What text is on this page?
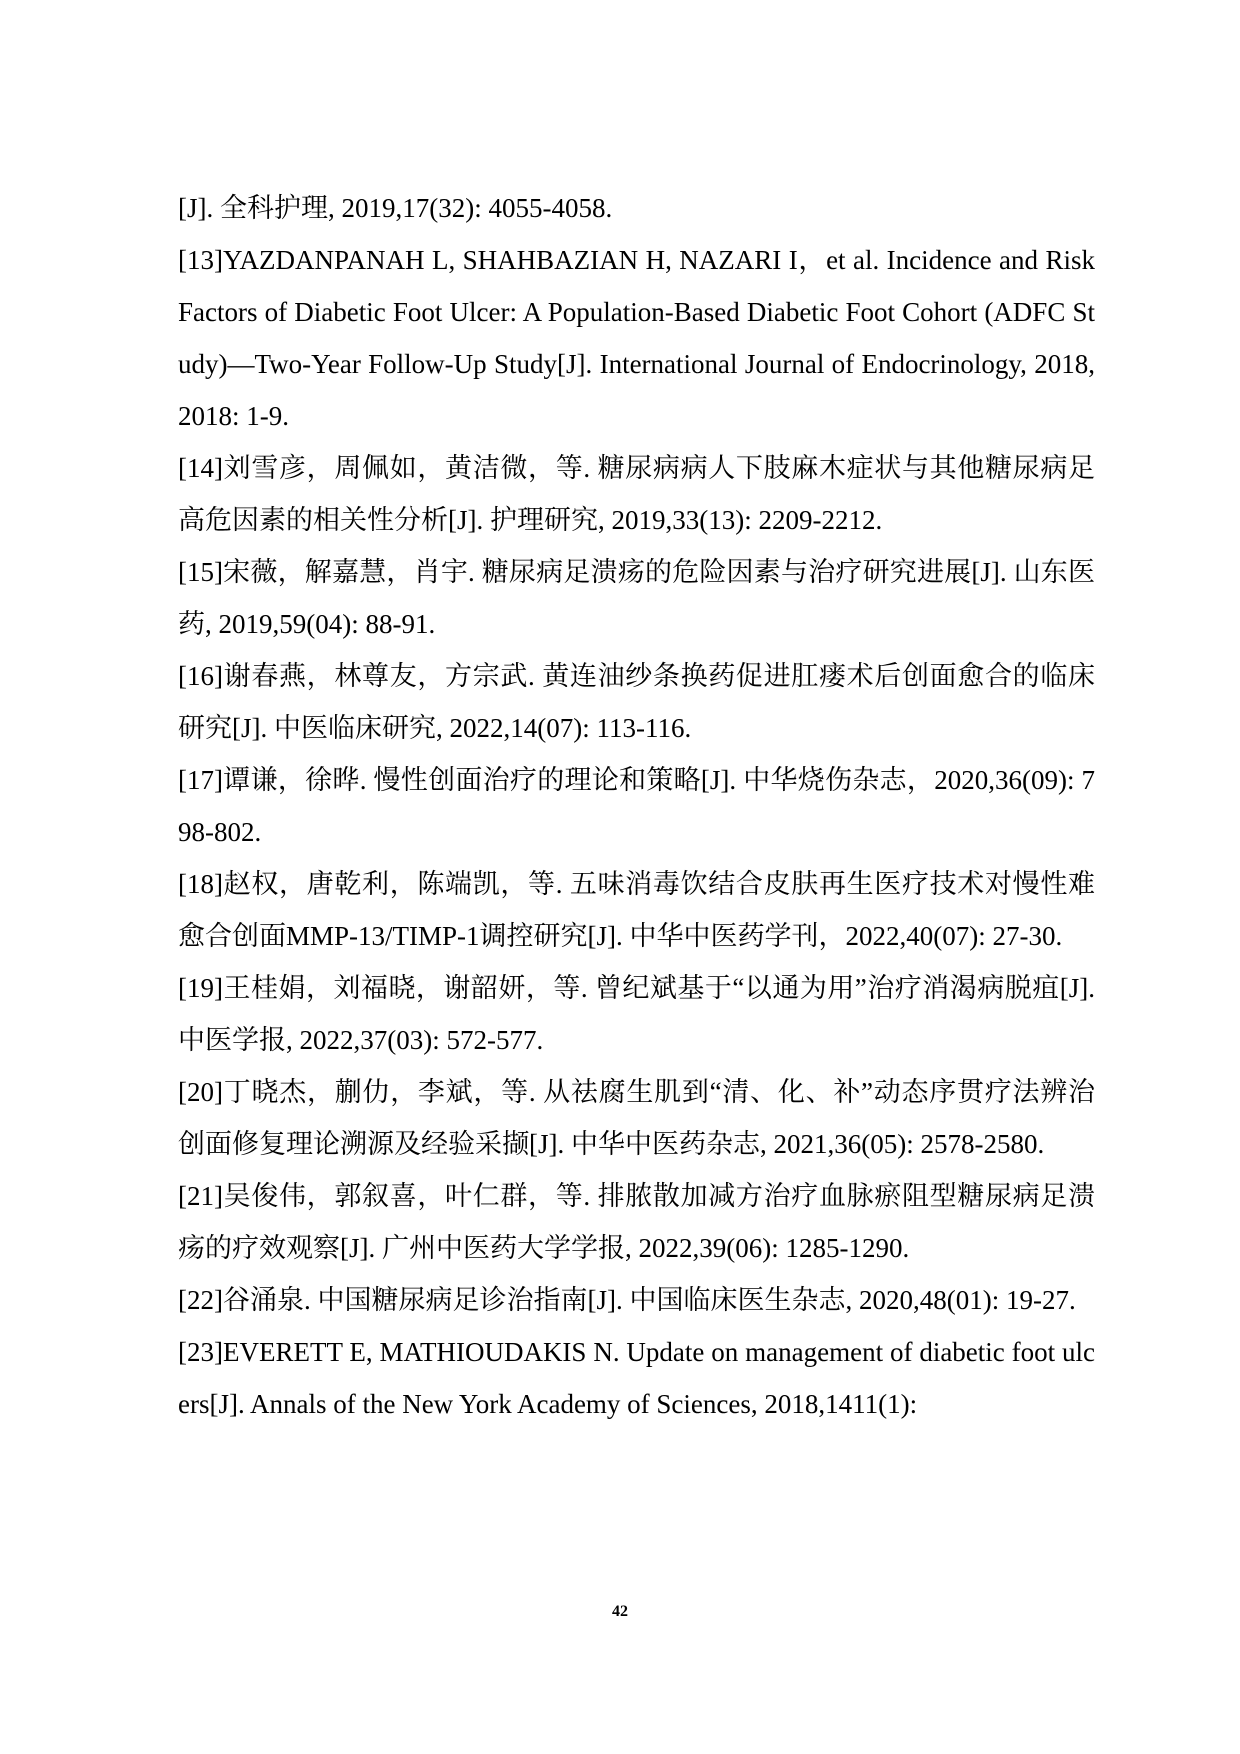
[J]. 全科护理, 2019,17(32): 4055-4058.
[13]YAZDANPANAH L, SHAHBAZIAN H, NAZARI I，et al. Incidence and Risk Factors of Diabetic Foot Ulcer: A Population-Based Diabetic Foot Cohort (ADFC Study)—Two-Year Follow-Up Study[J]. International Journal of Endocrinology, 2018,2018: 1-9.
[14]刘雪彦，周佩如，黄洁微，等. 糖尿病病人下肢麻木症状与其他糖尿病足高危因素的相关性分析[J]. 护理研究, 2019,33(13): 2209-2212.
[15]宋薇，解嘉慧，肖宇. 糖尿病足溃疡的危险因素与治疗研究进展[J]. 山东医药, 2019,59(04): 88-91.
[16]谢春燕，林尊友，方宗武. 黄连油纱条换药促进肛瘘术后创面愈合的临床研究[J]. 中医临床研究, 2022,14(07): 113-116.
[17]谭谦，徐晔. 慢性创面治疗的理论和策略[J]. 中华烧伤杂志，2020,36(09): 798-802.
[18]赵权，唐乾利，陈端凯，等. 五味消毒饮结合皮肤再生医疗技术对慢性难愈合创面MMP-13/TIMP-1调控研究[J]. 中华中医药学刊，2022,40(07): 27-30.
[19]王桂娟，刘福晓，谢韶妍，等. 曾纪斌基于“以通为用”治疗消渴病脱疽[J]. 中医学报, 2022,37(03): 572-577.
[20]丁晓杰，蒯仂，李斌，等. 从祛腐生肌到“清、化、补”动态序贯疗法辨治创面修复理论溯源及经验采撷[J]. 中华中医药杂志, 2021,36(05): 2578-2580.
[21]吴俊伟，郭叙喜，叶仁群，等. 排脓散加减方治疗血脉瘀阻型糖尿病足溃疡的疗效观察[J]. 广州中医药大学学报, 2022,39(06): 1285-1290.
[22]谷涌泉. 中国糖尿病足诊治指南[J]. 中国临床医生杂志, 2020,48(01): 19-27.
[23]EVERETT E, MATHIOUDAKIS N. Update on management of diabetic foot ulcers[J]. Annals of the New York Academy of Sciences, 2018,1411(1):
42
